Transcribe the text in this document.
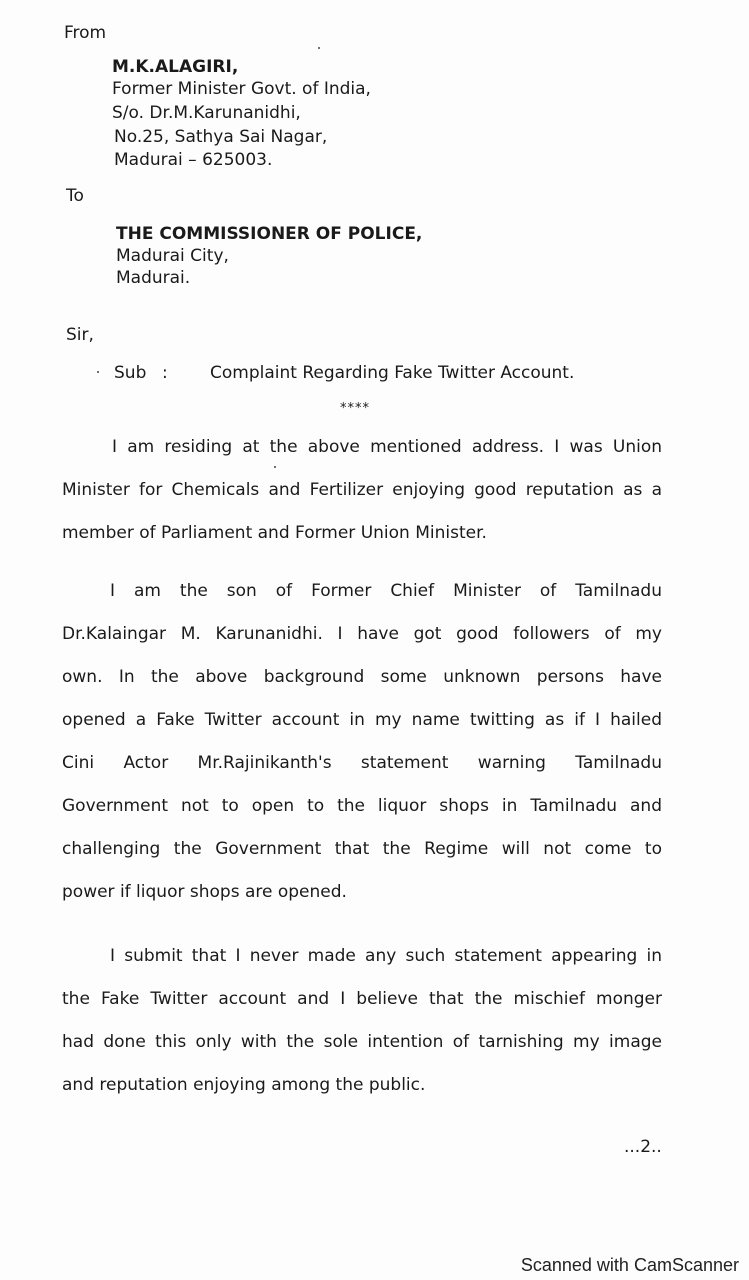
From
M.K.ALAGIRI,
Former Minister Govt. of India,
S/o. Dr.M.Karunanidhi,
No.25, Sathya Sai Nagar,
Madurai – 625003.
To
THE COMMISSIONER OF POLICE,
Madurai City,
Madurai.
Sir,
Sub : Complaint Regarding Fake Twitter Account.
****
I am residing at the above mentioned address. I was Union
Minister for Chemicals and Fertilizer enjoying good reputation as a
member of Parliament and Former Union Minister.
I am the son of Former Chief Minister of Tamilnadu
Dr.Kalaingar M. Karunanidhi. I have got good followers of my
own. In the above background some unknown persons have
opened a Fake Twitter account in my name twitting as if I hailed
Cini Actor Mr.Rajinikanth's statement warning Tamilnadu
Government not to open to the liquor shops in Tamilnadu and
challenging the Government that the Regime will not come to
power if liquor shops are opened.
I submit that I never made any such statement appearing in
the Fake Twitter account and I believe that the mischief monger
had done this only with the sole intention of tarnishing my image
and reputation enjoying among the public.
...2..
Scanned with CamScanner
